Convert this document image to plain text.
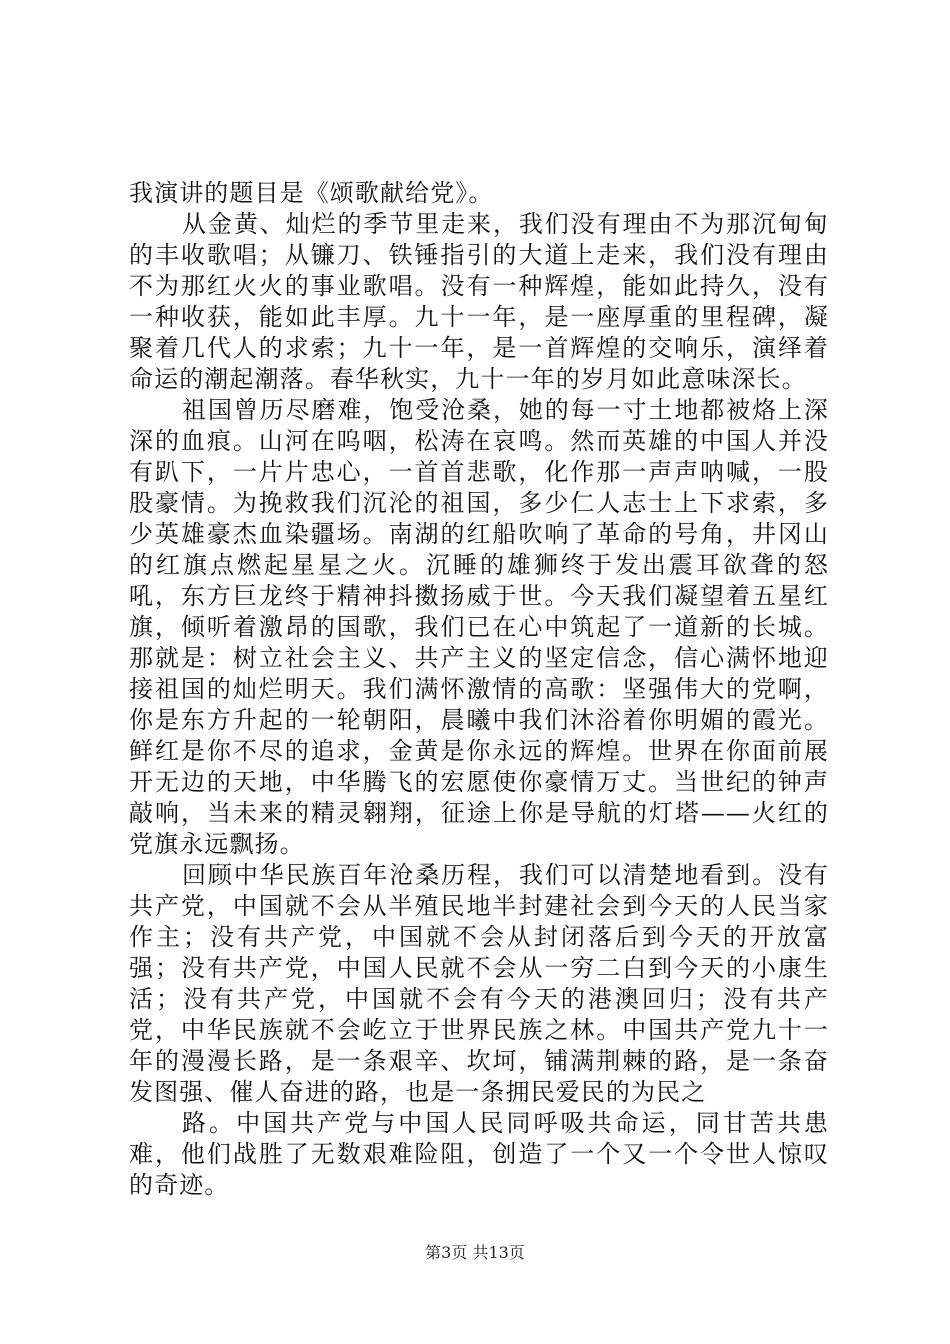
我演讲的题目是《颂歌献给党》。

从金黄、灿烂的季节里走来，我们没有理由不为那沉甸甸的丰收歌唱；从镰刀、铁锤指引的大道上走来，我们没有理由不为那红火火的事业歌唱。没有一种辉煌，能如此持久，没有一种收获，能如此丰厚。九十一年，是一座厚重的里程碑，凝聚着几代人的求索；九十一年，是一首辉煌的交响乐，演绎着命运的潮起潮落。春华秋实，九十一年的岁月如此意味深长。

祖国曾历尽磨难，饱受沧桑，她的每一寸土地都被烙上深深的血痕。山河在呜咽，松涛在哀鸣。然而英雄的中国人并没有趴下，一片片忠心，一首首悲歌，化作那一声声呐喊，一股股豪情。为挽救我们沉沦的祖国，多少仁人志士上下求索，多少英雄豪杰血染疆场。南湖的红船吹响了革命的号角，井冈山的红旗点燃起星星之火。沉睡的雄狮终于发出震耳欲聋的怒吼，东方巨龙终于精神抖擞扬威于世。今天我们凝望着五星红旗，倾听着激昂的国歌，我们已在心中筑起了一道新的长城。那就是：树立社会主义、共产主义的坚定信念，信心满怀地迎接祖国的灿烂明天。我们满怀激情的高歌：坚强伟大的党啊，你是东方升起的一轮朝阳，晨曦中我们沐浴着你明媚的霞光。鲜红是你不尽的追求，金黄是你永远的辉煌。世界在你面前展开无边的天地，中华腾飞的宏愿使你豪情万丈。当世纪的钟声敲响，当未来的精灵翱翔，征途上你是导航的灯塔——火红的党旗永远飘扬。

回顾中华民族百年沧桑历程，我们可以清楚地看到。没有共产党，中国就不会从半殖民地半封建社会到今天的人民当家作主；没有共产党，中国就不会从封闭落后到今天的开放富强；没有共产党，中国人民就不会从一穷二白到今天的小康生活；没有共产党，中国就不会有今天的港澳回归；没有共产党，中华民族就不会屹立于世界民族之林。中国共产党九十一年的漫漫长路，是一条艰辛、坎坷，铺满荆棘的路，是一条奋发图强、催人奋进的路，也是一条拥民爱民的为民之

路。中国共产党与中国人民同呼吸共命运，同甘苦共患难，他们战胜了无数艰难险阻，创造了一个又一个令世人惊叹的奇迹。

第3页 共13页
